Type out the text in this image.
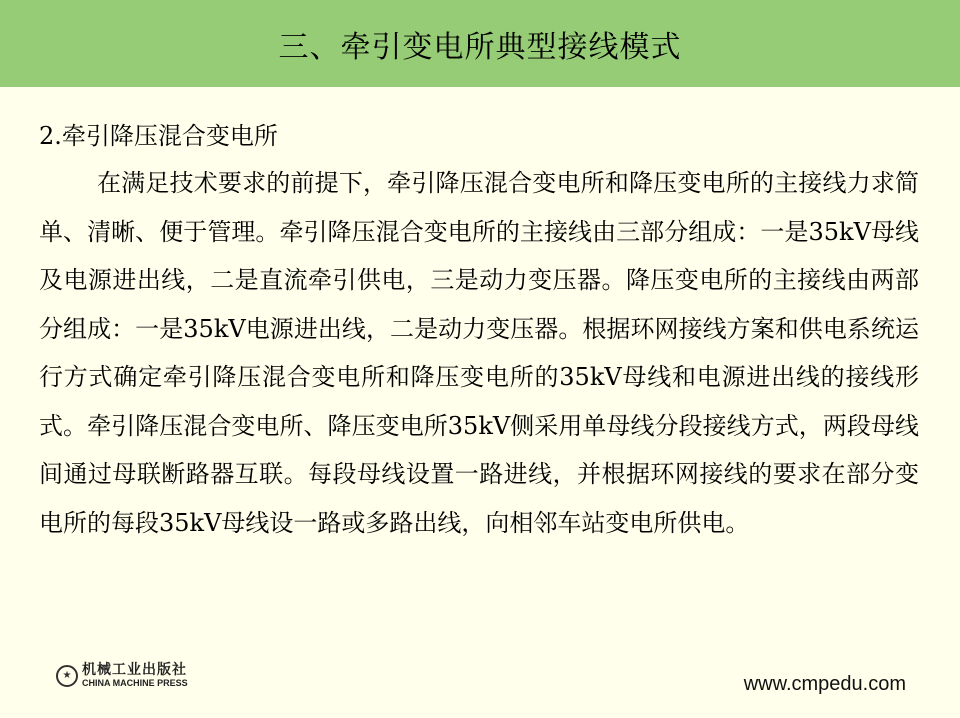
三、牵引变电所典型接线模式

2.牵引降压混合变电所

在满足技术要求的前提下，牵引降压混合变电所和降压变电所的主接线力求简单、清晰、便于管理。牵引降压混合变电所的主接线由三部分组成：一是35kV母线及电源进出线，二是直流牵引供电，三是动力变压器。降压变电所的主接线由两部分组成：一是35kV电源进出线，二是动力变压器。根据环网接线方案和供电系统运行方式确定牵引降压混合变电所和降压变电所的35kV母线和电源进出线的接线形式。牵引降压混合变电所、降压变电所35kV侧采用单母线分段接线方式，两段母线间通过母联断路器互联。每段母线设置一路进线，并根据环网接线的要求在部分变电所的每段35kV母线设一路或多路出线，向相邻车站变电所供电。

★ 机械工业出版社
CHINA MACHINE PRESS	www.cmpedu.com
